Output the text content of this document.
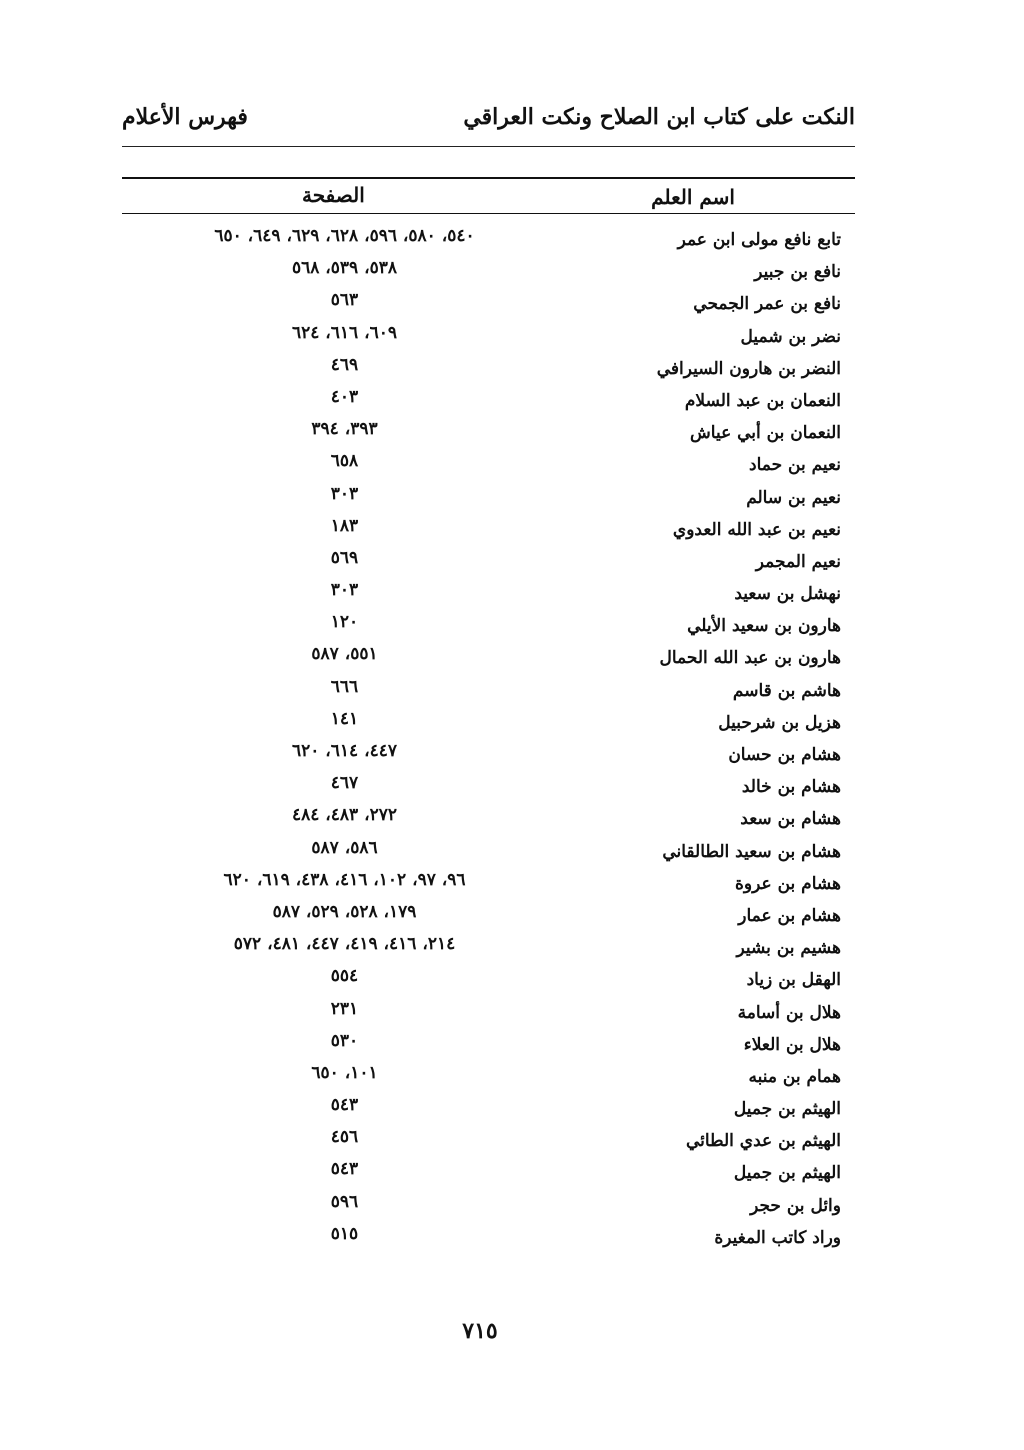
النكت على كتاب ابن الصلاح ونكت العراقي
فهرس الأعلام
اسم العلم
الصفحة
تابع نافع مولى ابن عمر
٥٤٠، ٥٨٠، ٥٩٦، ٦٢٨، ٦٢٩، ٦٤٩، ٦٥٠
نافع بن جبير
٥٣٨، ٥٣٩، ٥٦٨
نافع بن عمر الجمحي
٥٦٣
نضر بن شميل
٦٠٩، ٦١٦، ٦٢٤
النضر بن هارون السيرافي
٤٦٩
النعمان بن عبد السلام
٤٠٣
النعمان بن أبي عياش
٣٩٣، ٣٩٤
نعيم بن حماد
٦٥٨
نعيم بن سالم
٣٠٣
نعيم بن عبد الله العدوي
١٨٣
نعيم المجمر
٥٦٩
نهشل بن سعيد
٣٠٣
هارون بن سعيد الأيلي
١٢٠
هارون بن عبد الله الحمال
٥٥١، ٥٨٧
هاشم بن قاسم
٦٦٦
هزيل بن شرحبيل
١٤١
هشام بن حسان
٤٤٧، ٦١٤، ٦٢٠
هشام بن خالد
٤٦٧
هشام بن سعد
٢٧٢، ٤٨٣، ٤٨٤
هشام بن سعيد الطالقاني
٥٨٦، ٥٨٧
هشام بن عروة
٩٦، ٩٧، ١٠٢، ٤١٦، ٤٣٨، ٦١٩، ٦٢٠
هشام بن عمار
١٧٩، ٥٢٨، ٥٢٩، ٥٨٧
هشيم بن بشير
٢١٤، ٤١٦، ٤١٩، ٤٤٧، ٤٨١، ٥٧٢
الهقل بن زياد
٥٥٤
هلال بن أسامة
٢٣١
هلال بن العلاء
٥٣٠
همام بن منبه
١٠١، ٦٥٠
الهيثم بن جميل
٥٤٣
الهيثم بن عدي الطائي
٤٥٦
الهيثم بن جميل
٥٤٣
وائل بن حجر
٥٩٦
وراد كاتب المغيرة
٥١٥
٧١٥
